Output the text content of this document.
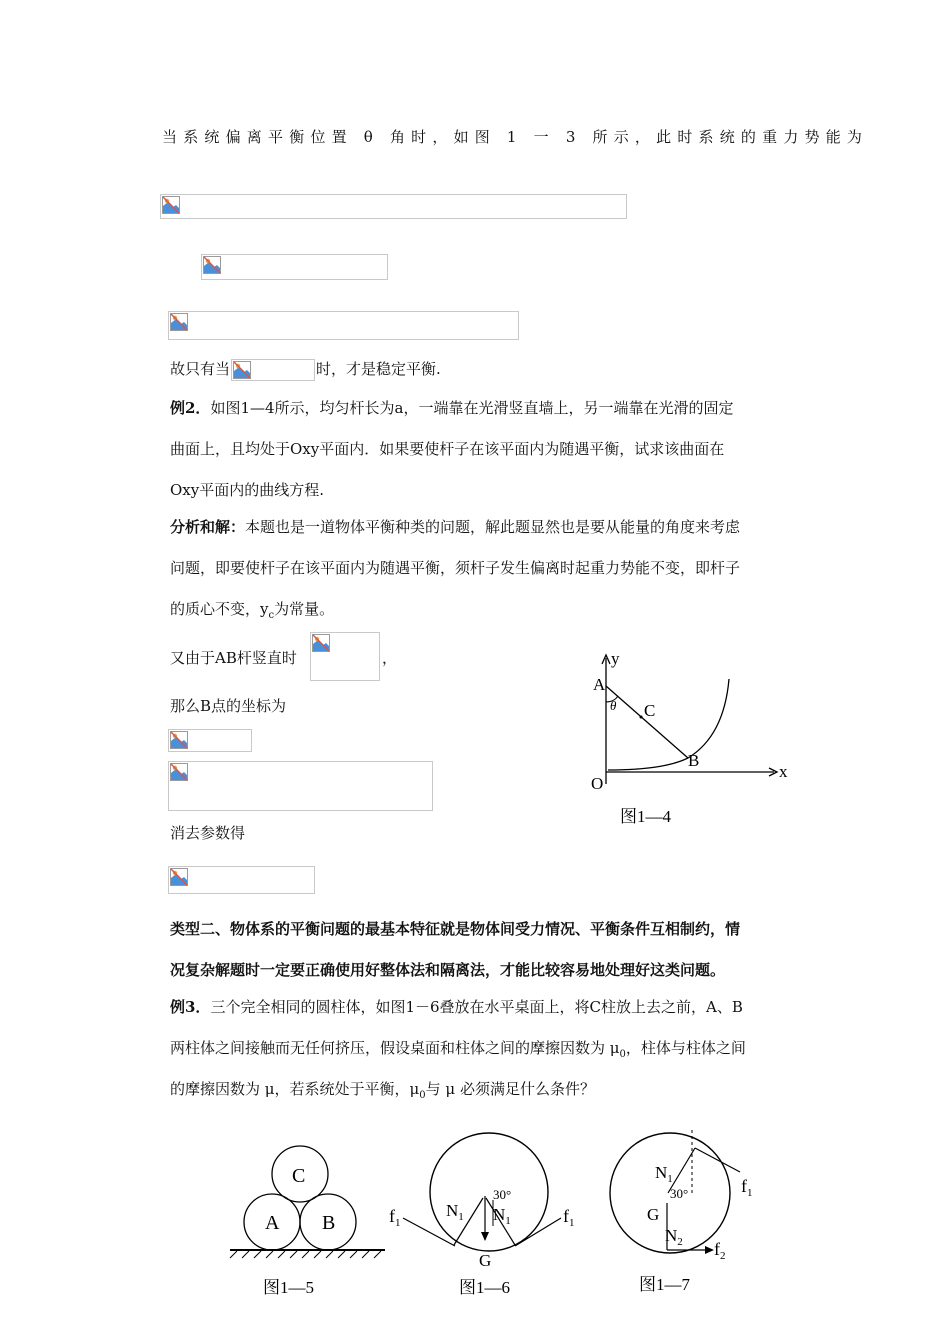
当系统偏离平衡位置 θ 角时，如图 1 一 3 所示，此时系统的重力势能为
故只有当	时，才是稳定平衡.
例2．如图1—4所示，均匀杆长为a，一端靠在光滑竖直墙上，另一端靠在光滑的固定
曲面上，且均处于Oxy平面内．如果要使杆子在该平面内为随遇平衡，试求该曲面在
Oxy平面内的曲线方程.
分析和解：本题也是一道物体平衡种类的问题，解此题显然也是要从能量的角度来考虑
问题，即要使杆子在该平面内为随遇平衡，须杆子发生偏离时起重力势能不变，即杆子
的质心不变，$y_c$为常量。
又由于AB杆竖直时	，
那么B点的坐标为
消去参数得
y
x
A
C
B
O
θ
图1—4
类型二、物体系的平衡问题的最基本特征就是物体间受力情况、平衡条件互相制约，情
况复杂解题时一定要正确使用好整体法和隔离法，才能比较容易地处理好这类问题。
例3．三个完全相同的圆柱体，如图1－6叠放在水平桌面上，将C柱放上去之前，A、B
两柱体之间接触而无任何挤压，假设桌面和柱体之间的摩擦因数为 $\mu_0$，柱体与柱体之间
的摩擦因数为 μ，若系统处于平衡，$\mu_0$与 μ 必须满足什么条件？
A B
C
图1—5
$f_1$	$f_1$
$N_1$ $N_1$
30°
G
图1—6
$N_1$
30°	$f_1$
G
$N_2$ $f_2$
图1—7
